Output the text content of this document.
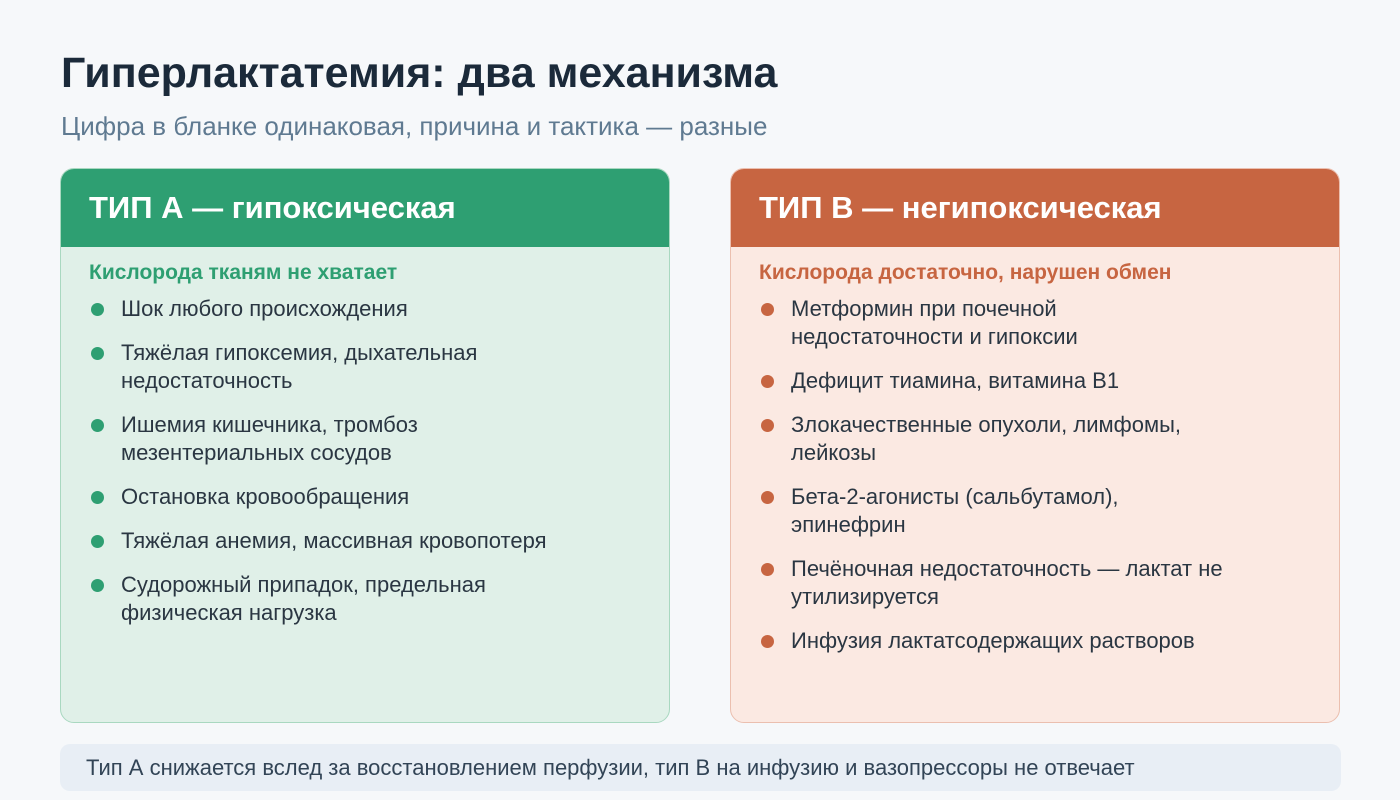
Гиперлактатемия: два механизма
Цифра в бланке одинаковая, причина и тактика — разные
ТИП А — гипоксическая
Кислорода тканям не хватает
Шок любого происхождения
Тяжёлая гипоксемия, дыхательная недостаточность
Ишемия кишечника, тромбоз мезентериальных сосудов
Остановка кровообращения
Тяжёлая анемия, массивная кровопотеря
Судорожный припадок, предельная физическая нагрузка
ТИП В — негипоксическая
Кислорода достаточно, нарушен обмен
Метформин при почечной недостаточности и гипоксии
Дефицит тиамина, витамина В1
Злокачественные опухоли, лимфомы, лейкозы
Бета-2-агонисты (сальбутамол), эпинефрин
Печёночная недостаточность — лактат не утилизируется
Инфузия лактатсодержащих растворов
Тип А снижается вслед за восстановлением перфузии, тип В на инфузию и вазопрессоры не отвечает
